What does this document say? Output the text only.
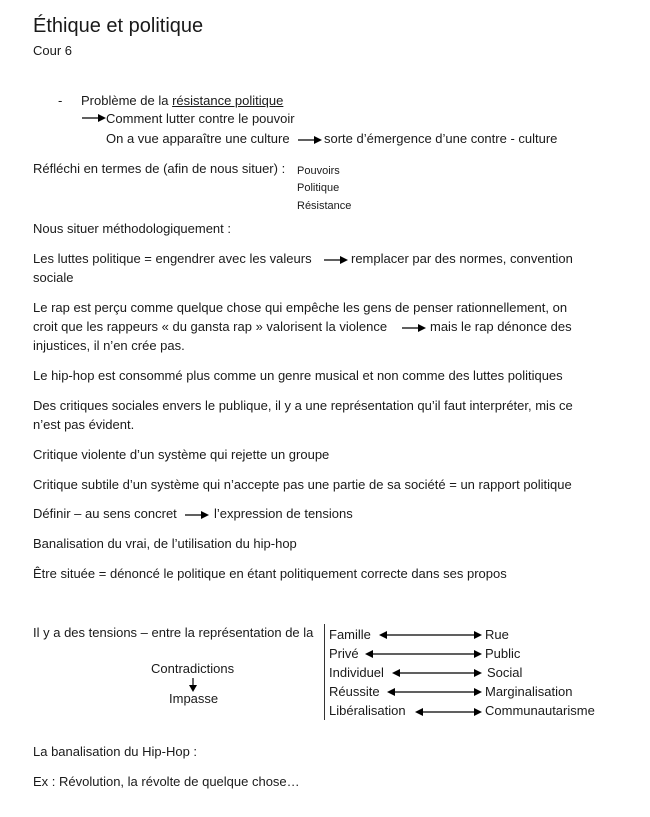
Éthique et politique
Cour 6
- Problème de la résistance politique
Comment lutter contre le pouvoir
On a vue apparaître une culture	sorte d’émergence d’une contre - culture
Réfléchi en termes de (afin de nous situer) : Pouvoirs
Politique
Résistance
Nous situer méthodologiquement :
Les luttes politique = engendrer avec les valeurs	remplacer par des normes, convention
sociale
Le rap est perçu comme quelque chose qui empêche les gens de penser rationnellement, on
croit que les rappeurs « du gansta rap » valorisent la violence	mais le rap dénonce des
injustices, il n’en crée pas.
Le hip-hop est consommé plus comme un genre musical et non comme des luttes politiques
Des critiques sociales envers le publique, il y a une représentation qu’il faut interpréter, mis ce
n’est pas évident.
Critique violente d’un système qui rejette un groupe
Critique subtile d’un système qui n’accepte pas une partie de sa société = un rapport politique
Définir – au sens concret	l’expression de tensions
Banalisation du vrai, de l’utilisation du hip-hop
Être située = dénoncé le politique en étant politiquement correcte dans ses propos
Il y a des tensions – entre la représentation de la
Contradictions
Impasse
Famille	Rue
Privé	Public
Individuel	Social
Réussite	Marginalisation
Libéralisation	Communautarisme
La banalisation du Hip-Hop :
Ex : Révolution, la révolte de quelque chose…
